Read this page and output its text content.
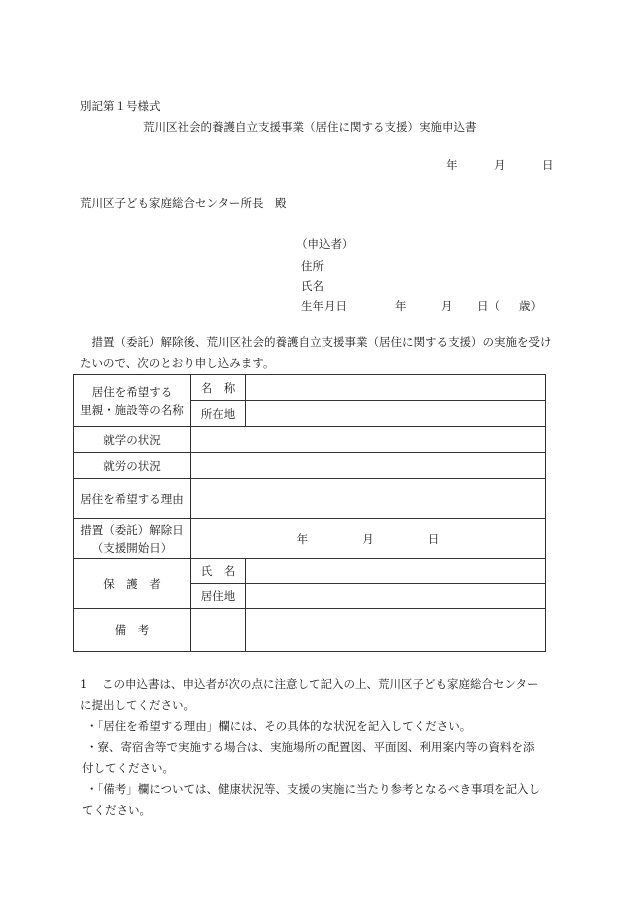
別記第１号様式
荒川区社会的養護自立支援事業（居住に関する支援）実施申込書
年	月	日
荒川区子ども家庭総合センター所長　殿
（申込者）
住所
氏名
生年月日	年	月 日（ 歳）
　措置（委託）解除後、荒川区社会的養護自立支援事業（居住に関する支援）の実施を受けたいので、次のとおり申し込みます。
居住を希望する
里親・施設等の名称	名　称	
	所在地	
就学の状況		
就労の状況		
居住を希望する理由		

措置（委託）解除日
（支援開始日）	年 月 日	
保　護　者	氏　名	
	居住地	
備　考		
1 この申込書は、申込者が次の点に注意して記入の上、荒川区子ども家庭総合センター
に提出してください。
・「居住を希望する理由」欄には、その具体的な状況を記入してください。
・寮、寄宿舎等で実施する場合は、実施場所の配置図、平面図、利用案内等の資料を添
付してください。
・「備考」欄については、健康状況等、支援の実施に当たり参考となるべき事項を記入し
てください。
